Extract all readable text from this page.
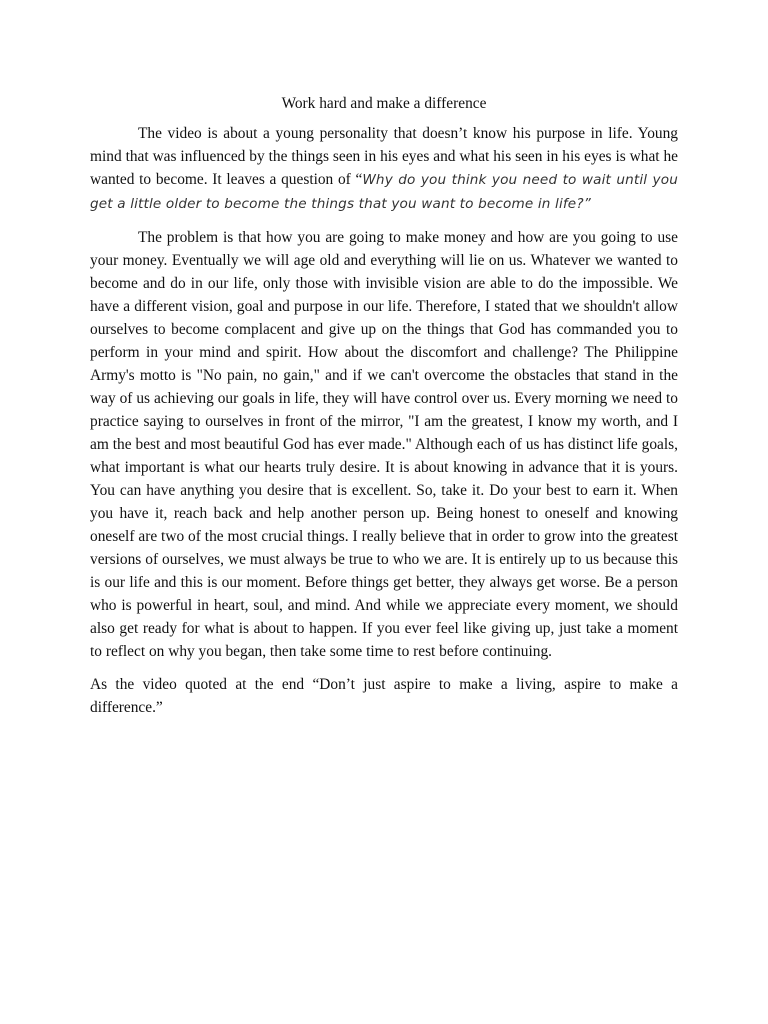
Work hard and make a difference

The video is about a young personality that doesn’t know his purpose in life. Young mind that was influenced by the things seen in his eyes and what his seen in his eyes is what he wanted to become. It leaves a question of “Why do you think you need to wait until you get a little older to become the things that you want to become in life?”

The problem is that how you are going to make money and how are you going to use your money. Eventually we will age old and everything will lie on us. Whatever we wanted to become and do in our life, only those with invisible vision are able to do the impossible. We have a different vision, goal and purpose in our life. Therefore, I stated that we shouldn't allow ourselves to become complacent and give up on the things that God has commanded you to perform in your mind and spirit. How about the discomfort and challenge? The Philippine Army's motto is "No pain, no gain," and if we can't overcome the obstacles that stand in the way of us achieving our goals in life, they will have control over us. Every morning we need to practice saying to ourselves in front of the mirror, "I am the greatest, I know my worth, and I am the best and most beautiful God has ever made." Although each of us has distinct life goals, what important is what our hearts truly desire. It is about knowing in advance that it is yours. You can have anything you desire that is excellent. So, take it. Do your best to earn it. When you have it, reach back and help another person up. Being honest to oneself and knowing oneself are two of the most crucial things. I really believe that in order to grow into the greatest versions of ourselves, we must always be true to who we are. It is entirely up to us because this is our life and this is our moment. Before things get better, they always get worse. Be a person who is powerful in heart, soul, and mind. And while we appreciate every moment, we should also get ready for what is about to happen. If you ever feel like giving up, just take a moment to reflect on why you began, then take some time to rest before continuing.

As the video quoted at the end “Don’t just aspire to make a living, aspire to make a difference.”
